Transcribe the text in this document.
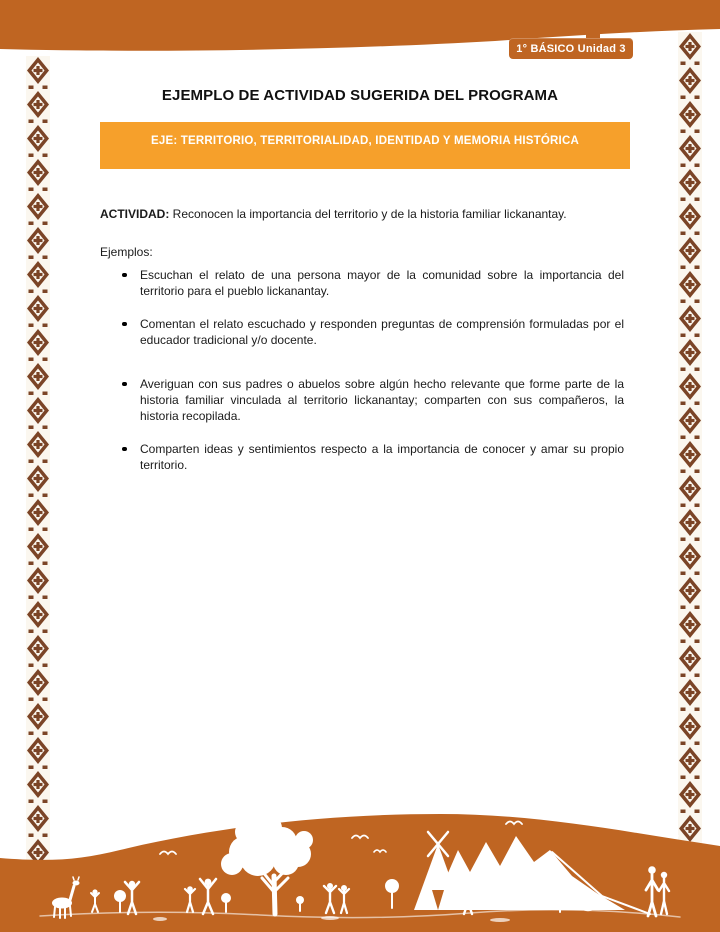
1° BÁSICO Unidad 3
EJEMPLO DE ACTIVIDAD SUGERIDA DEL PROGRAMA
EJE: TERRITORIO, TERRITORIALIDAD, IDENTIDAD Y MEMORIA HISTÓRICA

ACTIVIDAD: Reconocen la importancia del territorio y de la historia familiar lickanantay.

Ejemplos:

Escuchan el relato de una persona mayor de la comunidad sobre la importancia del territorio para el pueblo lickanantay.
Comentan el relato escuchado y responden preguntas de comprensión formuladas por el educador tradicional y/o docente.
Averiguan con sus padres o abuelos sobre algún hecho relevante que forme parte de la historia familiar vinculada al territorio lickanantay; comparten con sus compañeros, la historia recopilada.
Comparten ideas y sentimientos respecto a la importancia de conocer y amar su propio territorio.
